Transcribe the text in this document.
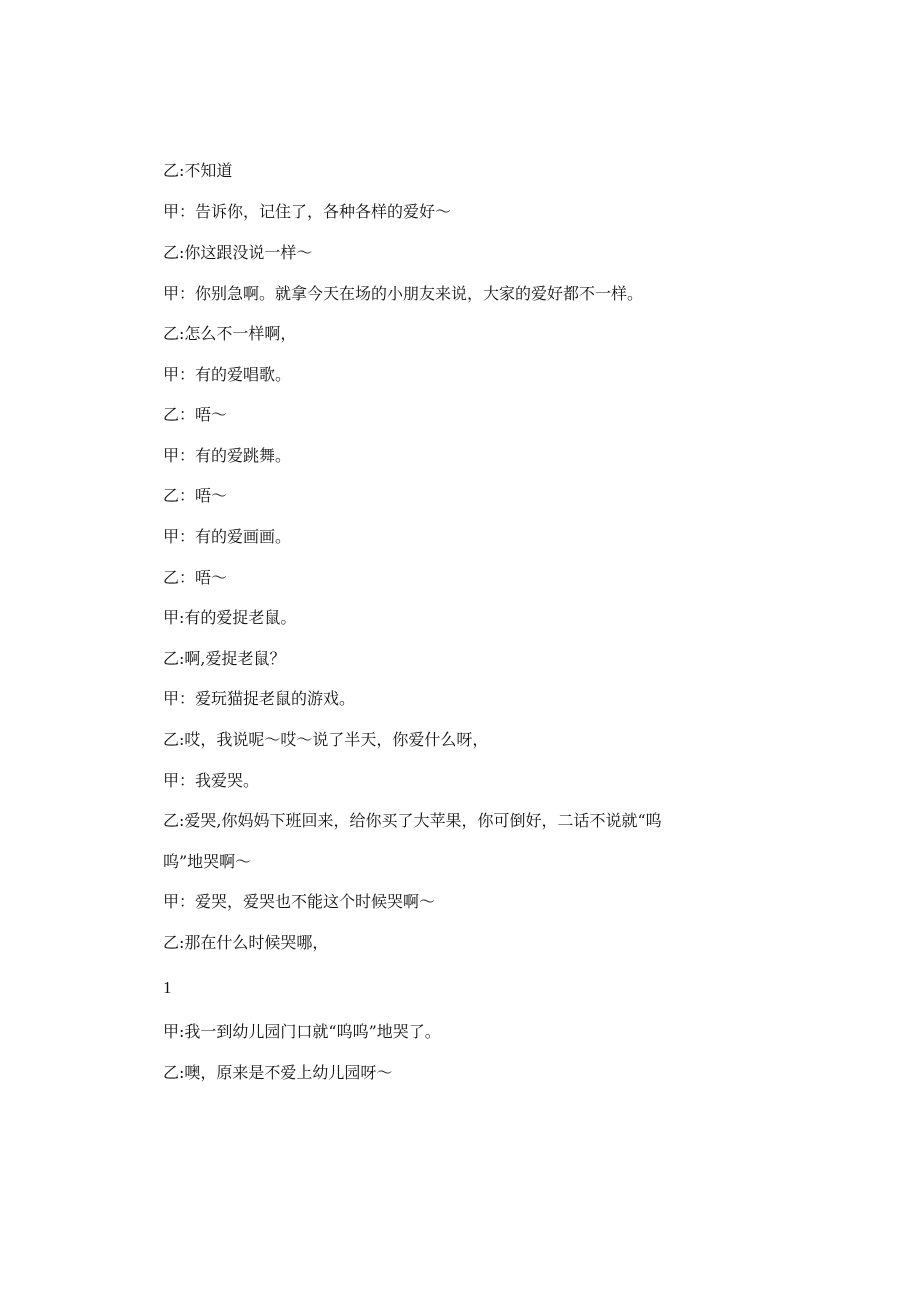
乙:不知道
甲：告诉你，记住了，各种各样的爱好～
乙:你这跟没说一样～
甲：你别急啊。就拿今天在场的小朋友来说，大家的爱好都不一样。
乙:怎么不一样啊，
甲：有的爱唱歌。
乙：唔～
甲：有的爱跳舞。
乙：唔～
甲：有的爱画画。
乙：唔～
甲:有的爱捉老鼠。
乙:啊,爱捉老鼠？
甲：爱玩猫捉老鼠的游戏。
乙:哎，我说呢～哎～说了半天，你爱什么呀，
甲：我爱哭。
乙:爱哭,你妈妈下班回来，给你买了大苹果，你可倒好，二话不说就“呜
呜”地哭啊～
甲：爱哭，爱哭也不能这个时候哭啊～
乙:那在什么时候哭哪，
1
甲:我一到幼儿园门口就“呜呜”地哭了。
乙:噢，原来是不爱上幼儿园呀～
